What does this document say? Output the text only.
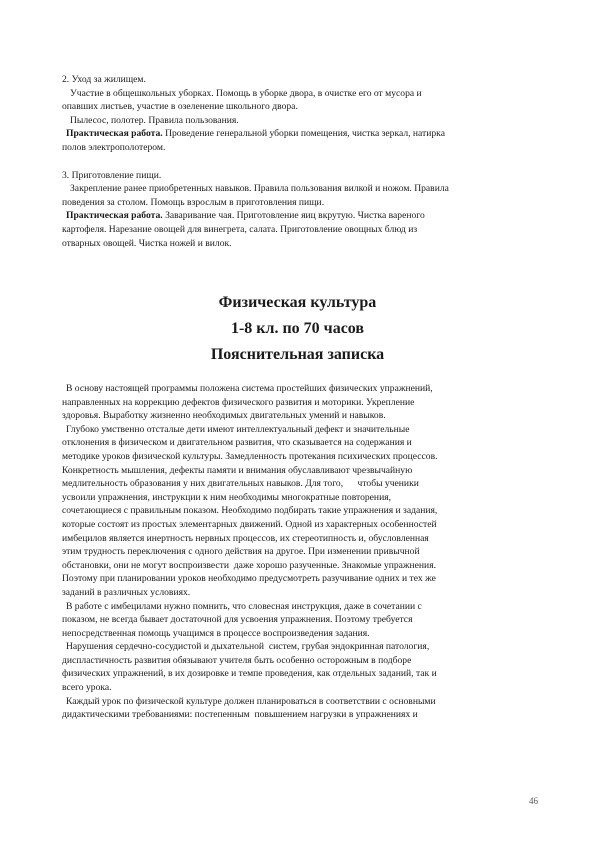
2. Уход за жилищем.
Участие в общешкольных уборках. Помощь в уборке двора, в очистке его от мусора и
опавших листьев, участие в озеленение школьного двора.
Пылесос, полотер. Правила пользования.
Практическая работа. Проведение генеральной уборки помещения, чистка зеркал, натирка
полов электрополотером.
3. Приготовление пищи.
Закрепление ранее приобретенных навыков. Правила пользования вилкой и ножом. Правила
поведения за столом. Помощь взрослым в приготовления пищи.
Практическая работа. Заваривание чая. Приготовление яиц вкрутую. Чистка вареного
картофеля. Нарезание овощей для винегрета, салата. Приготовление овощных блюд из
отварных овощей. Чистка ножей и вилок.
Физическая культура
1-8 кл. по 70 часов
Пояснительная записка
В основу настоящей программы положена система простейших физических упражнений,
направленных на коррекцию дефектов физического развития и моторики. Укрепление
здоровья. Выработку жизненно необходимых двигательных умений и навыков.
Глубоко умственно отсталые дети имеют интеллектуальный дефект и значительные
отклонения в физическом и двигательном развития, что сказывается на содержания и
методике уроков физической культуры. Замедленность протекания психических процессов.
Конкретность мышления, дефекты памяти и внимания обуславливают чрезвычайную
медлительность образования у них двигательных навыков. Для того,      чтобы ученики
усвоили упражнения, инструкции к ним необходимы многократные повторения,
сочетающиеся с правильным показом. Необходимо подбирать такие упражнения и задания,
которые состоят из простых элементарных движений. Одной из характерных особенностей
имбецилов является инертность нервных процессов, их стереотипность и, обусловленная
этим трудность переключения с одного действия на другое. При изменении привычной
обстановки, они не могут воспроизвести  даже хорошо разученные. Знакомые упражнения.
Поэтому при планировании уроков необходимо предусмотреть разучивание одних и тех же
заданий в различных условиях.
В работе с имбецилами нужно помнить, что словесная инструкция, даже в сочетании с
показом, не всегда бывает достаточной для усвоения упражнения. Поэтому требуется
непосредственная помощь учащимся в процессе воспроизведения задания.
Нарушения сердечно-сосудистой и дыхательной  систем, грубая эндокринная патология,
диспластичность развития обязывают учителя быть особенно осторожным в подборе
физических упражнений, в их дозировке и темпе проведения, как отдельных заданий, так и
всего урока.
Каждый урок по физической культуре должен планироваться в соответствии с основными
дидактическими требованиями: постепенным  повышением нагрузки в упражнениях и
46
